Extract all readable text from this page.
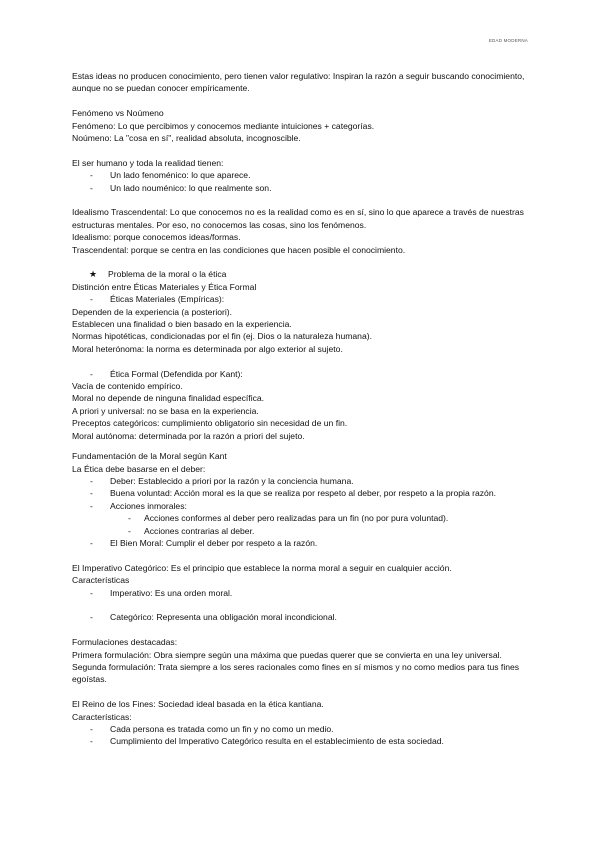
EDAD MODERNA

Estas ideas no producen conocimiento, pero tienen valor regulativo: Inspiran la razón a seguir buscando conocimiento, aunque no se puedan conocer empíricamente.

Fenómeno vs Noúmeno

Fenómeno: Lo que percibimos y conocemos mediante intuiciones + categorías.

Noúmeno: La "cosa en sí", realidad absoluta, incognoscible.

El ser humano y toda la realidad tienen:

- Un lado fenoménico: lo que aparece.
- Un lado nouménico: lo que realmente son.

Idealismo Trascendental: Lo que conocemos no es la realidad como es en sí, sino lo que aparece a través de nuestras estructuras mentales. Por eso, no conocemos las cosas, sino los fenómenos.

Idealismo: porque conocemos ideas/formas.

Trascendental: porque se centra en las condiciones que hacen posible el conocimiento.

★ Problema de la moral o la ética

Distinción entre Éticas Materiales y Ética Formal

- Éticas Materiales (Empíricas):

Dependen de la experiencia (a posteriori).

Establecen una finalidad o bien basado en la experiencia.

Normas hipotéticas, condicionadas por el fin (ej. Dios o la naturaleza humana).

Moral heterónoma: la norma es determinada por algo exterior al sujeto.

- Ética Formal (Defendida por Kant):

Vacía de contenido empírico.

Moral no depende de ninguna finalidad específica.

A priori y universal: no se basa en la experiencia.

Preceptos categóricos: cumplimiento obligatorio sin necesidad de un fin.

Moral autónoma: determinada por la razón a priori del sujeto.

Fundamentación de la Moral según Kant

La Ética debe basarse en el deber:

- Deber: Establecido a priori por la razón y la conciencia humana.
- Buena voluntad: Acción moral es la que se realiza por respeto al deber, por respeto a la propia razón.
- Acciones inmorales:
- Acciones conformes al deber pero realizadas para un fin (no por pura voluntad).
- Acciones contrarias al deber.
- El Bien Moral: Cumplir el deber por respeto a la razón.

El Imperativo Categórico: Es el principio que establece la norma moral a seguir en cualquier acción.

Características

- Imperativo: Es una orden moral.
- Categórico: Representa una obligación moral incondicional.

Formulaciones destacadas:

Primera formulación: Obra siempre según una máxima que puedas querer que se convierta en una ley universal.

Segunda formulación: Trata siempre a los seres racionales como fines en sí mismos y no como medios para tus fines egoístas.

El Reino de los Fines: Sociedad ideal basada en la ética kantiana.

Características:

- Cada persona es tratada como un fin y no como un medio.
- Cumplimiento del Imperativo Categórico resulta en el establecimiento de esta sociedad.
